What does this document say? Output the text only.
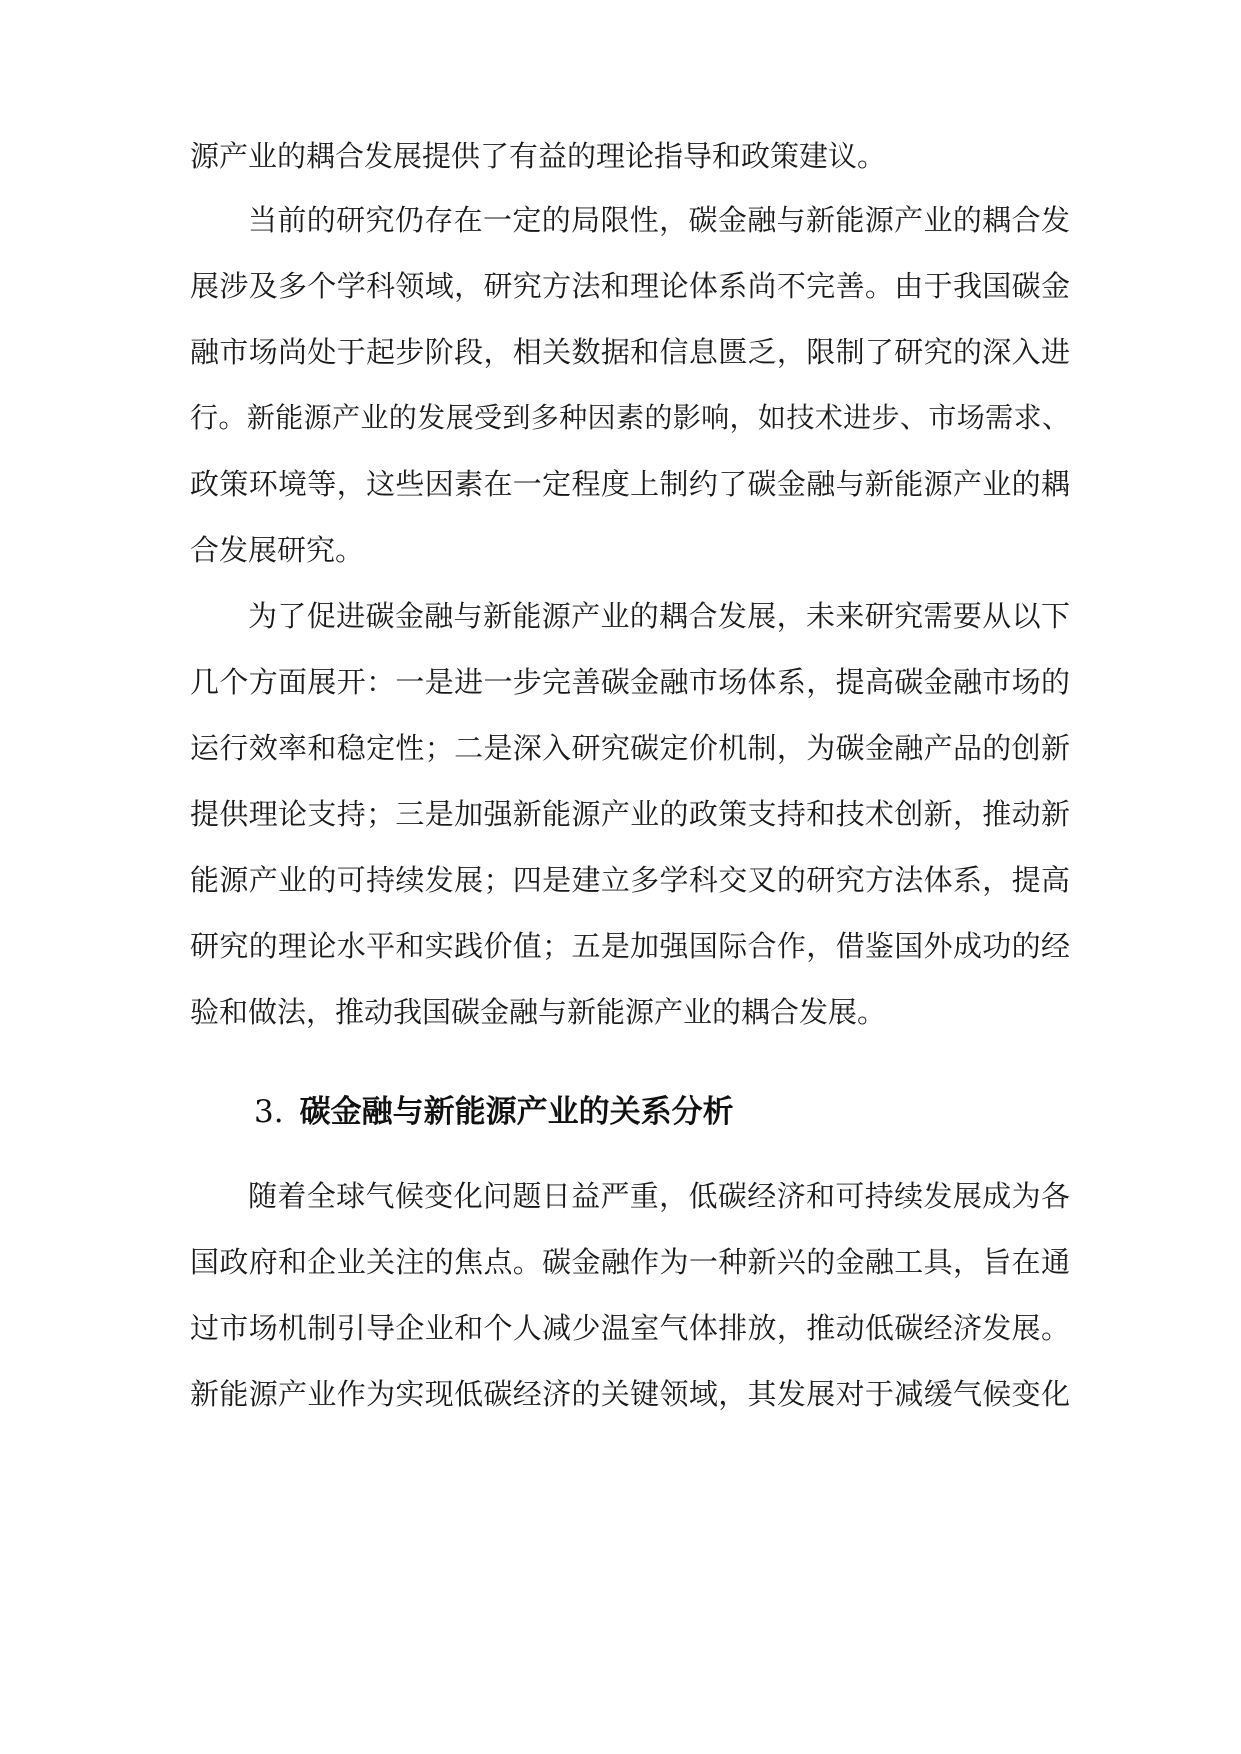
源产业的耦合发展提供了有益的理论指导和政策建议。
当前的研究仍存在一定的局限性，碳金融与新能源产业的耦合发
展涉及多个学科领域，研究方法和理论体系尚不完善。由于我国碳金
融市场尚处于起步阶段，相关数据和信息匮乏，限制了研究的深入进
行。新能源产业的发展受到多种因素的影响，如技术进步、市场需求、
政策环境等，这些因素在一定程度上制约了碳金融与新能源产业的耦
合发展研究。
为了促进碳金融与新能源产业的耦合发展，未来研究需要从以下
几个方面展开：一是进一步完善碳金融市场体系，提高碳金融市场的
运行效率和稳定性；二是深入研究碳定价机制，为碳金融产品的创新
提供理论支持；三是加强新能源产业的政策支持和技术创新，推动新
能源产业的可持续发展；四是建立多学科交叉的研究方法体系，提高
研究的理论水平和实践价值；五是加强国际合作，借鉴国外成功的经
验和做法，推动我国碳金融与新能源产业的耦合发展。
3. 碳金融与新能源产业的关系分析
随着全球气候变化问题日益严重，低碳经济和可持续发展成为各
国政府和企业关注的焦点。碳金融作为一种新兴的金融工具，旨在通
过市场机制引导企业和个人减少温室气体排放，推动低碳经济发展。
新能源产业作为实现低碳经济的关键领域，其发展对于减缓气候变化
